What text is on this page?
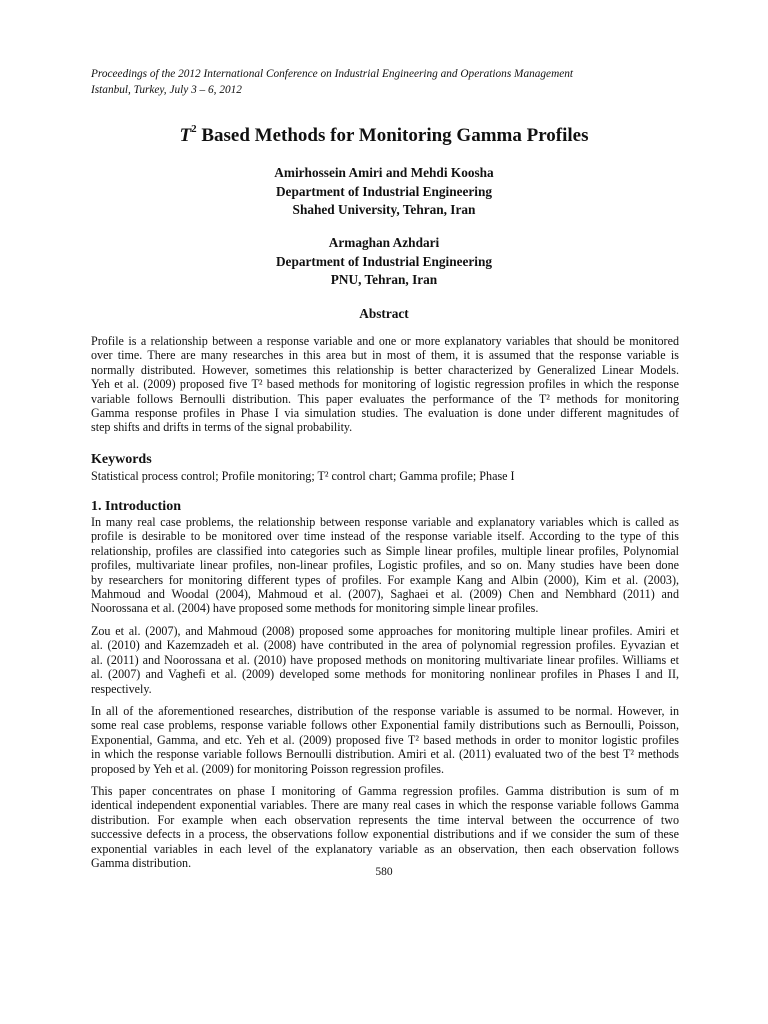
Proceedings of the 2012 International Conference on Industrial Engineering and Operations Management
Istanbul, Turkey, July 3 – 6, 2012
$T^2$ Based Methods for Monitoring Gamma Profiles
Amirhossein Amiri and Mehdi Koosha
Department of Industrial Engineering
Shahed University, Tehran, Iran
Armaghan Azhdari
Department of Industrial Engineering
PNU, Tehran, Iran
Abstract

Profile is a relationship between a response variable and one or more explanatory variables that should be monitored
over time. There are many researches in this area but in most of them, it is assumed that the response variable is
normally distributed. However, sometimes this relationship is better characterized by Generalized Linear Models.
Yeh et al. (2009) proposed five T² based methods for monitoring of logistic regression profiles in which the response
variable follows Bernoulli distribution. This paper evaluates the performance of the T² methods for monitoring
Gamma response profiles in Phase I via simulation studies. The evaluation is done under different magnitudes of
step shifts and drifts in terms of the signal probability.

Keywords

Statistical process control; Profile monitoring; T² control chart; Gamma profile; Phase I

1. Introduction

In many real case problems, the relationship between response variable and explanatory variables which is called as
profile is desirable to be monitored over time instead of the response variable itself. According to the type of this
relationship, profiles are classified into categories such as Simple linear profiles, multiple linear profiles, Polynomial
profiles, multivariate linear profiles, non-linear profiles, Logistic profiles, and so on. Many studies have been done
by researchers for monitoring different types of profiles. For example Kang and Albin (2000), Kim et al. (2003),
Mahmoud and Woodal (2004), Mahmoud et al. (2007), Saghaei et al. (2009) Chen and Nembhard (2011) and
Noorossana et al. (2004) have proposed some methods for monitoring simple linear profiles.

Zou et al. (2007), and Mahmoud (2008) proposed some approaches for monitoring multiple linear profiles. Amiri et
al. (2010) and Kazemzadeh et al. (2008) have contributed in the area of polynomial regression profiles. Eyvazian et
al. (2011) and Noorossana et al. (2010) have proposed methods on monitoring multivariate linear profiles. Williams et
al. (2007) and Vaghefi et al. (2009) developed some methods for monitoring nonlinear profiles in Phases I and II,
respectively.

In all of the aforementioned researches, distribution of the response variable is assumed to be normal. However, in
some real case problems, response variable follows other Exponential family distributions such as Bernoulli, Poisson,
Exponential, Gamma, and etc. Yeh et al. (2009) proposed five T² based methods in order to monitor logistic profiles
in which the response variable follows Bernoulli distribution. Amiri et al. (2011) evaluated two of the best T² methods
proposed by Yeh et al. (2009) for monitoring Poisson regression profiles.

This paper concentrates on phase I monitoring of Gamma regression profiles. Gamma distribution is sum of m
identical independent exponential variables. There are many real cases in which the response variable follows Gamma
distribution. For example when each observation represents the time interval between the occurrence of two
successive defects in a process, the observations follow exponential distributions and if we consider the sum of these
exponential variables in each level of the explanatory variable as an observation, then each observation follows
Gamma distribution.

580
